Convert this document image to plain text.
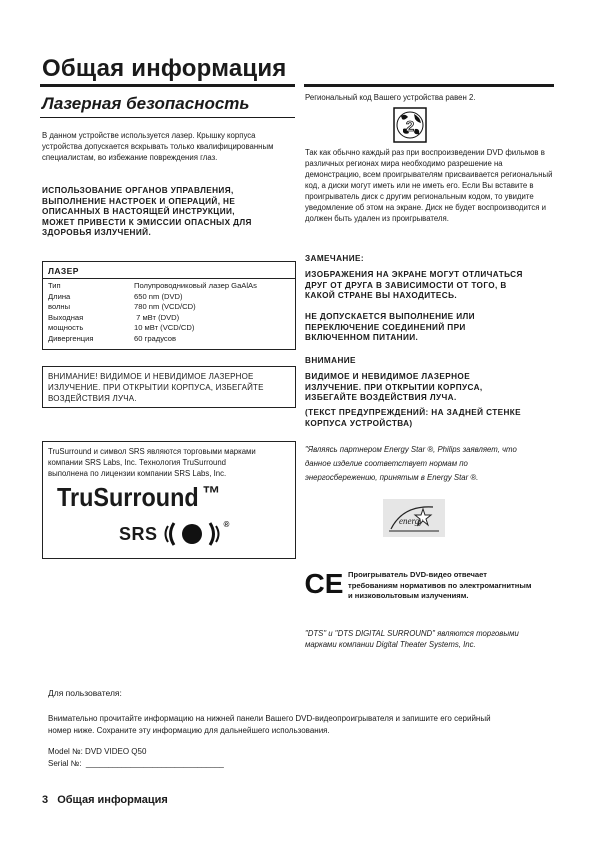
Общая информация
Лазерная безопасность
В данном устройстве используется лазер. Крышку корпуса устройства допускается вскрывать только квалифицированным специалистам, во избежание повреждения глаз.
ИСПОЛЬЗОВАНИЕ ОРГАНОВ УПРАВЛЕНИЯ,
ВЫПОЛНЕНИЕ НАСТРОЕК И ОПЕРАЦИЙ, НЕ
ОПИСАННЫХ В НАСТОЯЩЕЙ ИНСТРУКЦИИ,
МОЖЕТ ПРИВЕСТИ К ЭМИССИИ ОПАСНЫХ ДЛЯ
ЗДОРОВЬЯ ИЗЛУЧЕНИЙ.
ЛАЗЕР
Тип	Полупроводниковый лазер GaAlAs
Длина	650 nm (DVD)
волны	780 nm (VCD/CD)
Выходная	7 мВт (DVD)
мощность	10 мВт (VCD/CD)
Дивергенция	60 градусов
ВНИМАНИЕ! ВИДИМОЕ И НЕВИДИМОЕ ЛАЗЕРНОЕ
ИЗЛУЧЕНИЕ. ПРИ ОТКРЫТИИ КОРПУСА, ИЗБЕГАЙТЕ
ВОЗДЕЙСТВИЯ ЛУЧА.
TruSurround и символ SRS являются торговыми марками
компании SRS Labs, Inc. Технология TruSurround
выполнена по лицензии компании SRS Labs, Inc.
TruSurround ™
SRS	®
Региональный код Вашего устройства равен 2.
2
Так как обычно каждый раз при воспроизведении DVD фильмов в различных регионах мира необходимо разрешение на демонстрацию, всем проигрывателям присваивается региональный код, а диски могут иметь или не иметь его. Если Вы вставите в проигрыватель диск с другим региональным кодом, то увидите уведомление об этом на экране. Диск не будет воспроизводится и должен быть удален из проигрывателя.
ЗАМЕЧАНИЕ:
ИЗОБРАЖЕНИЯ НА ЭКРАНЕ МОГУТ ОТЛИЧАТЬСЯ
ДРУГ ОТ ДРУГА В ЗАВИСИМОСТИ ОТ ТОГО, В
КАКОЙ СТРАНЕ ВЫ НАХОДИТЕСЬ.
НЕ ДОПУСКАЕТСЯ ВЫПОЛНЕНИЕ ИЛИ
ПЕРЕКЛЮЧЕНИЕ СОЕДИНЕНИЙ ПРИ
ВКЛЮЧЕННОМ ПИТАНИИ.
ВНИМАНИЕ
ВИДИМОЕ И НЕВИДИМОЕ ЛАЗЕРНОЕ
ИЗЛУЧЕНИЕ. ПРИ ОТКРЫТИИ КОРПУСА,
ИЗБЕГАЙТЕ ВОЗДЕЙСТВИЯ ЛУЧА.
(ТЕКСТ ПРЕДУПРЕЖДЕНИЙ: НА ЗАДНЕЙ СТЕНКЕ
КОРПУСА УСТРОЙСТВА)
"Являясь партнером Energy Star ®, Philips заявляет, что
данное изделие соответствует нормам по
энергосбережению, принятым в Energy Star ®.
energy
CE Проигрыватель DVD-видео отвечает
требованиям нормативов по электромагнитным
и низковольтовым излучениям.
"DTS" и "DTS DIGITAL SURROUND" являются торговыми
марками компании Digital Theater Systems, Inc.
Для пользователя:
Внимательно прочитайте информацию на нижней панели Вашего DVD-видеопроигрывателя и запишите его серийный
номер ниже. Сохраните эту информацию для дальнейшего использования.
Model №: DVD VIDEO Q50
Serial №:  _______________________________
3 Общая информация
